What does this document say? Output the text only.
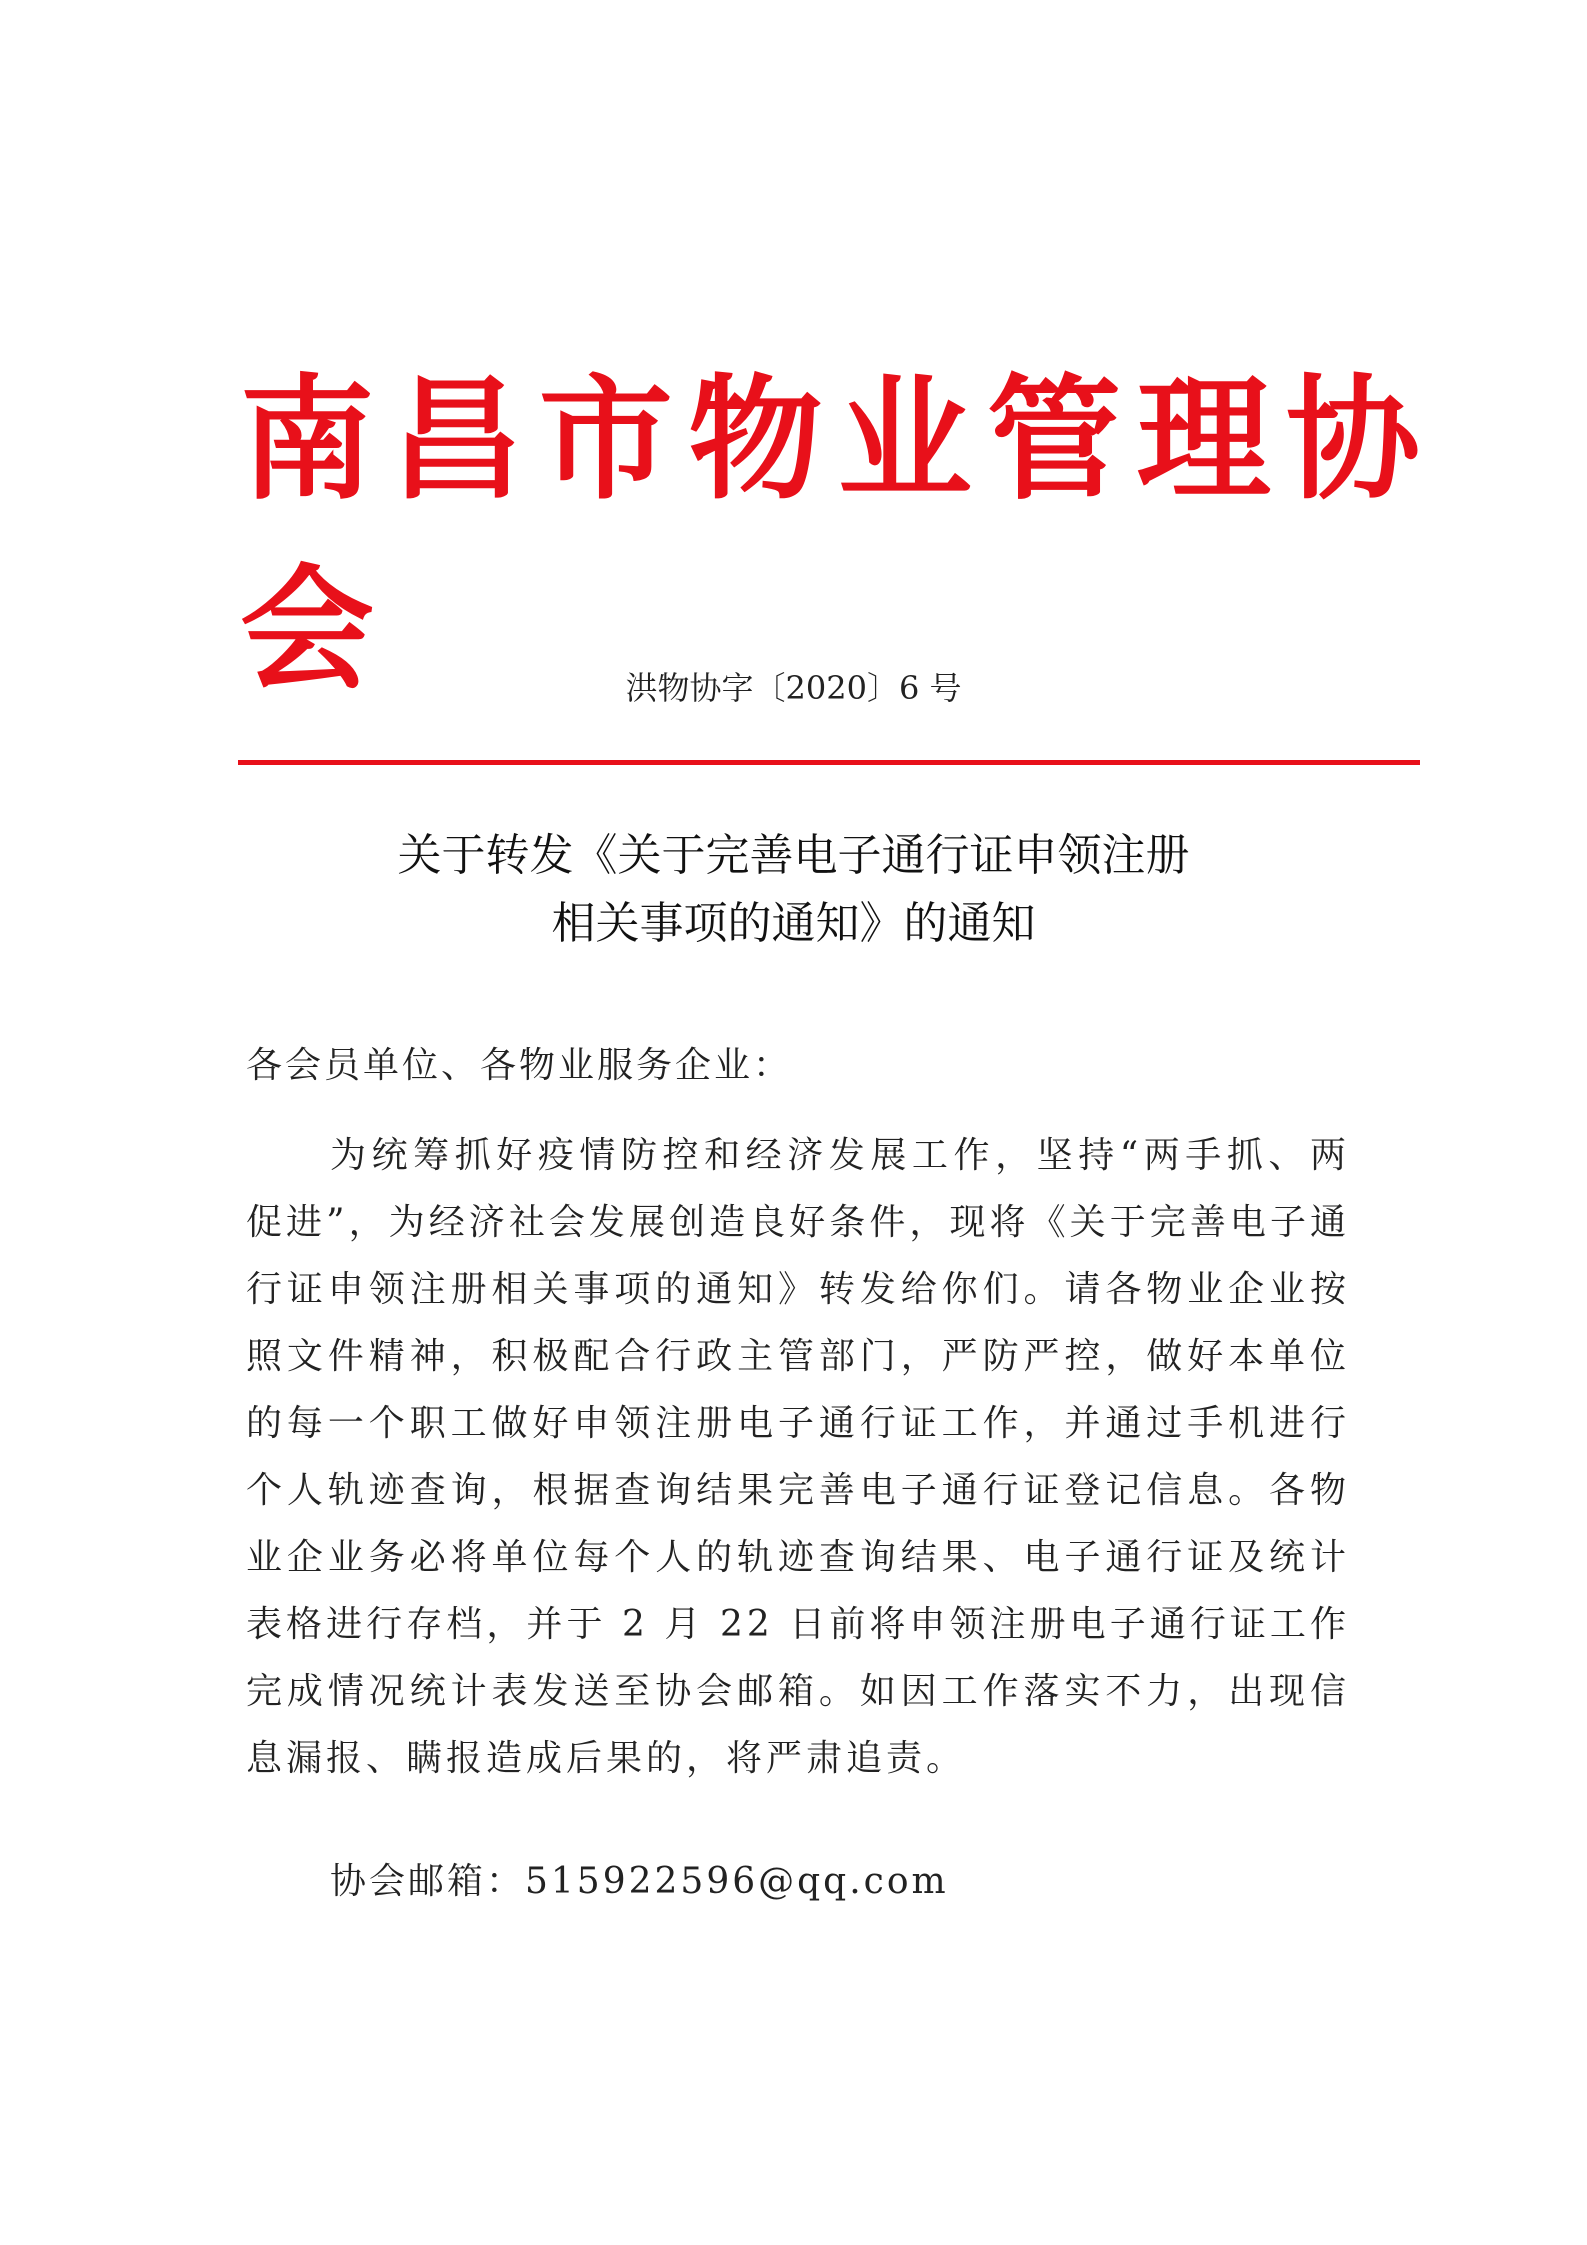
南昌市物业管理协会	洪物协字〔2020〕6 号
关于转发《关于完善电子通行证申领注册
相关事项的通知》的通知
各会员单位、各物业服务企业：
为统筹抓好疫情防控和经济发展工作，坚持“两手抓、两促进”，为经济社会发展创造良好条件，现将《关于完善电子通行证申领注册相关事项的通知》转发给你们。请各物业企业按照文件精神，积极配合行政主管部门，严防严控，做好本单位的每一个职工做好申领注册电子通行证工作，并通过手机进行个人轨迹查询，根据查询结果完善电子通行证登记信息。各物业企业务必将单位每个人的轨迹查询结果、电子通行证及统计表格进行存档，并于 2 月 22 日前将申领注册电子通行证工作完成情况统计表发送至协会邮箱。如因工作落实不力，出现信息漏报、瞒报造成后果的，将严肃追责。
协会邮箱：515922596@qq.com
